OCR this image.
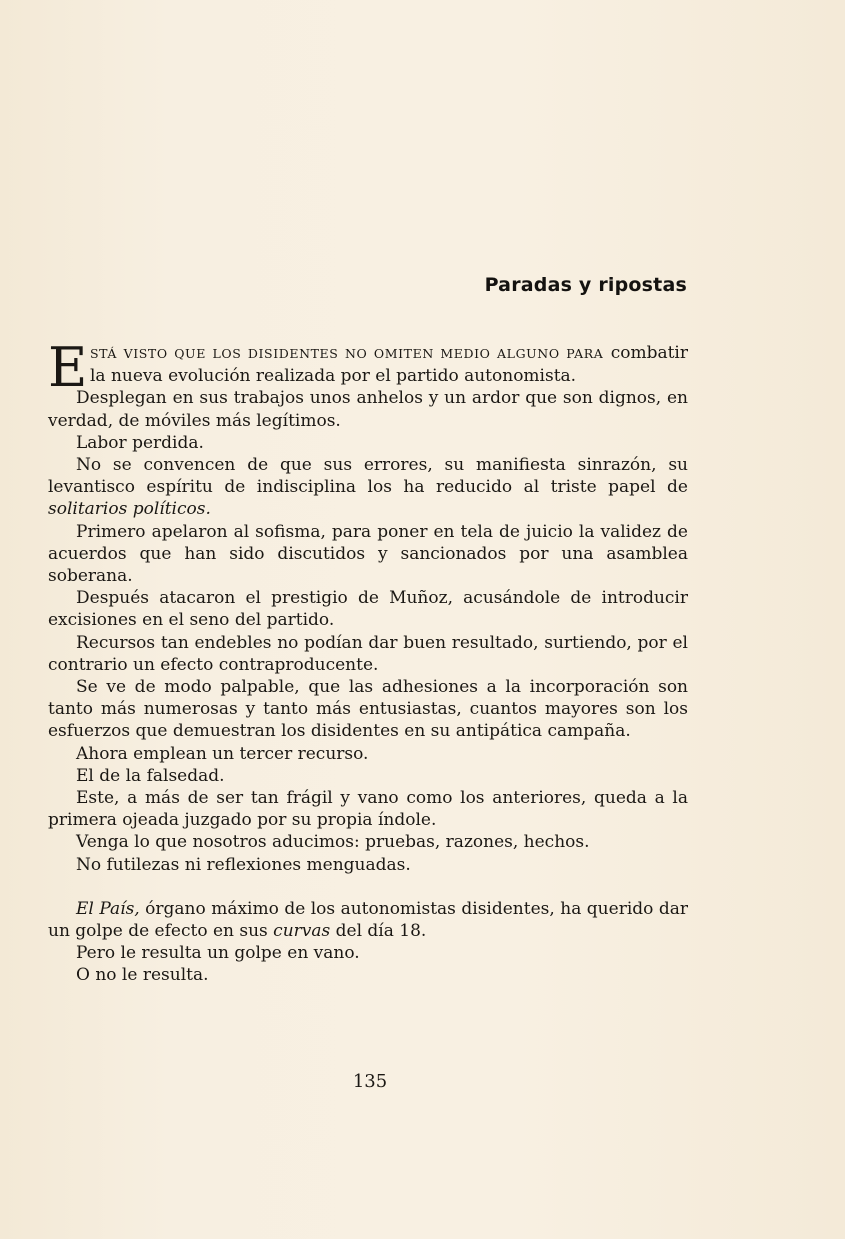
Paradas y ripostas

E STÁ VISTO QUE LOS DISIDENTES NO OMITEN MEDIO ALGUNO PARA combatir la nueva evolución realizada por el partido autonomista.

Desplegan en sus trabajos unos anhelos y un ardor que son dignos, en verdad, de móviles más legítimos.

Labor perdida.

No se convencen de que sus errores, su manifiesta sinrazón, su levantisco espíritu de indisciplina los ha reducido al triste papel de solitarios políticos.

Primero apelaron al sofisma, para poner en tela de juicio la validez de acuerdos que han sido discutidos y sancionados por una asamblea soberana.

Después atacaron el prestigio de Muñoz, acusándole de introducir excisiones en el seno del partido.

Recursos tan endebles no podían dar buen resultado, surtiendo, por el contrario un efecto contraproducente.

Se ve de modo palpable, que las adhesiones a la incorporación son tanto más numerosas y tanto más entusiastas, cuantos mayores son los esfuerzos que demuestran los disidentes en su antipática campaña.

Ahora emplean un tercer recurso.

El de la falsedad.

Este, a más de ser tan frágil y vano como los anteriores, queda a la primera ojeada juzgado por su propia índole.

Venga lo que nosotros aducimos: pruebas, razones, hechos.

No futilezas ni reflexiones menguadas.

El País, órgano máximo de los autonomistas disidentes, ha querido dar un golpe de efecto en sus curvas del día 18.

Pero le resulta un golpe en vano.

O no le resulta.

135
